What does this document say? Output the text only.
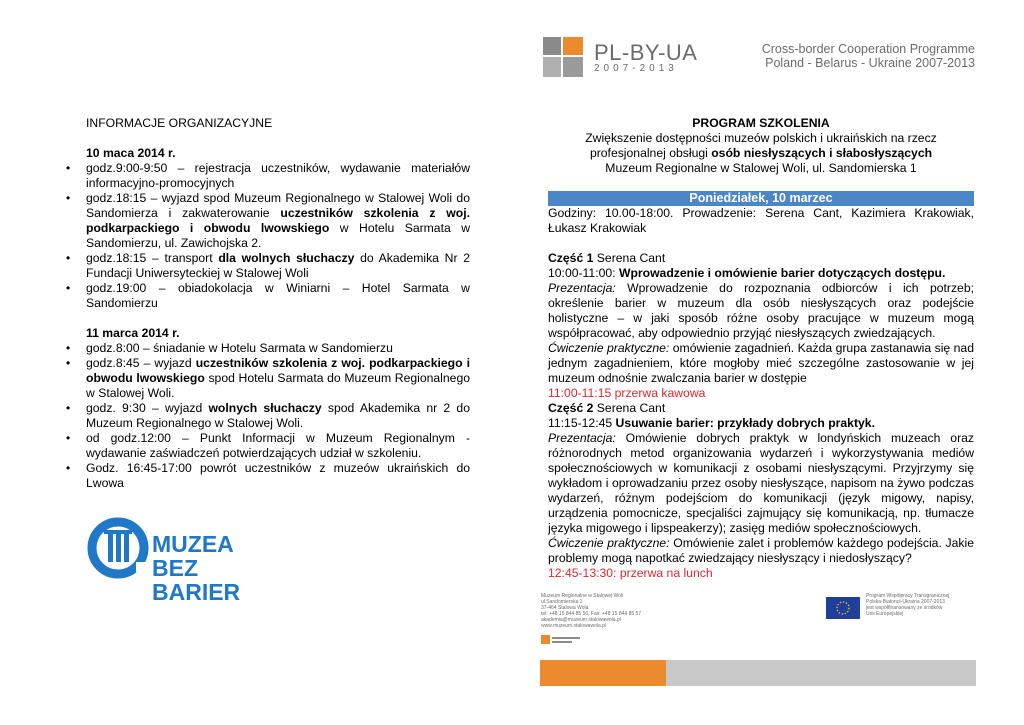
PL-BY-UA
2007-2013
Cross-border Cooperation Programme
Poland - Belarus - Ukraine 2007-2013
INFORMACJE ORGANIZACYJNE
10 maca 2014 r.
• godz.9:00-9:50 – rejestracja uczestników, wydawanie materiałów informacyjno-promocyjnych
• godz.18:15 – wyjazd spod Muzeum Regionalnego w Stalowej Woli do Sandomierza i zakwaterowanie uczestników szkolenia z woj. podkarpackiego i obwodu lwowskiego w Hotelu Sarmata w Sandomierzu, ul. Zawichojska 2.
• godz.18:15 – transport dla wolnych słuchaczy do Akademika Nr 2 Fundacji Uniwersyteckiej w Stalowej Woli
• godz.19:00 – obiadokolacja w Winiarni – Hotel Sarmata w Sandomierzu
11 marca 2014 r.
• godz.8:00 – śniadanie w Hotelu Sarmata w Sandomierzu
• godz.8:45 – wyjazd uczestników szkolenia z woj. podkarpackiego i obwodu lwowskiego spod Hotelu Sarmata do Muzeum Regionalnego w Stalowej Woli.
• godz. 9:30 – wyjazd wolnych słuchaczy spod Akademika nr 2 do Muzeum Regionalnego w Stalowej Woli.
• od godz.12:00 – Punkt Informacji w Muzeum Regionalnym - wydawanie zaświadczeń potwierdzających udział w szkoleniu.
• Godz. 16:45-17:00 powrót uczestników z muzeów ukraińskich do Lwowa
MUZEA
BEZ
BARIER
PROGRAM SZKOLENIA
Zwiększenie dostępności muzeów polskich i ukraińskich na rzecz
profesjonalnej obsługi osób niesłyszących i słabosłyszących
Muzeum Regionalne w Stalowej Woli, ul. Sandomierska 1
Poniedziałek, 10 marzec
Godziny: 10.00-18:00. Prowadzenie: Serena Cant, Kazimiera Krakowiak, Łukasz Krakowiak
Część 1 Serena Cant
10:00-11:00: Wprowadzenie i omówienie barier dotyczących dostępu.
Prezentacja: Wprowadzenie do rozpoznania odbiorców i ich potrzeb; określenie barier w muzeum dla osób niesłyszących oraz podejście holistyczne – w jaki sposób różne osoby pracujące w muzeum mogą współpracować, aby odpowiednio przyjąć niesłyszących zwiedzających.
Ćwiczenie praktyczne: omówienie zagadnień. Każda grupa zastanawia się nad jednym zagadnieniem, które mogłoby mieć szczególne zastosowanie w jej muzeum odnośnie zwalczania barier w dostępie
11:00-11:15 przerwa kawowa
Część 2 Serena Cant
11:15-12:45 Usuwanie barier: przykłady dobrych praktyk.
Prezentacja: Omówienie dobrych praktyk w londyńskich muzeach oraz różnorodnych metod organizowania wydarzeń i wykorzystywania mediów społecznościowych w komunikacji z osobami niesłyszącymi. Przyjrzymy się wykładom i oprowadzaniu przez osoby niesłyszące, napisom na żywo podczas wydarzeń, różnym podejściom do komunikacji (język migowy, napisy, urządzenia pomocnicze, specjaliści zajmujący się komunikacją, np. tłumacze języka migowego i lipspeakerzy); zasięg mediów społecznościowych.
Ćwiczenie praktyczne: Omówienie zalet i problemów każdego podejścia. Jakie problemy mogą napotkać zwiedzający niesłyszący i niedosłyszący?
12:45-13:30: przerwa na lunch
Muzeum Regionalne w Stalowej Woli
ul.Sandomierska 1
37-464 Stalowa Wola
tel: +48 15 844 85 56, Fax: +48 15 844 85 57
akademia@muzeum.stalowawola.pl
www.muzeum.stalowawola.pl
Program Współpracy Transgranicznej
Polska-Białoruś-Ukraina 2007-2013
jest współfinansowany ze środków
Unii Europejskiej
